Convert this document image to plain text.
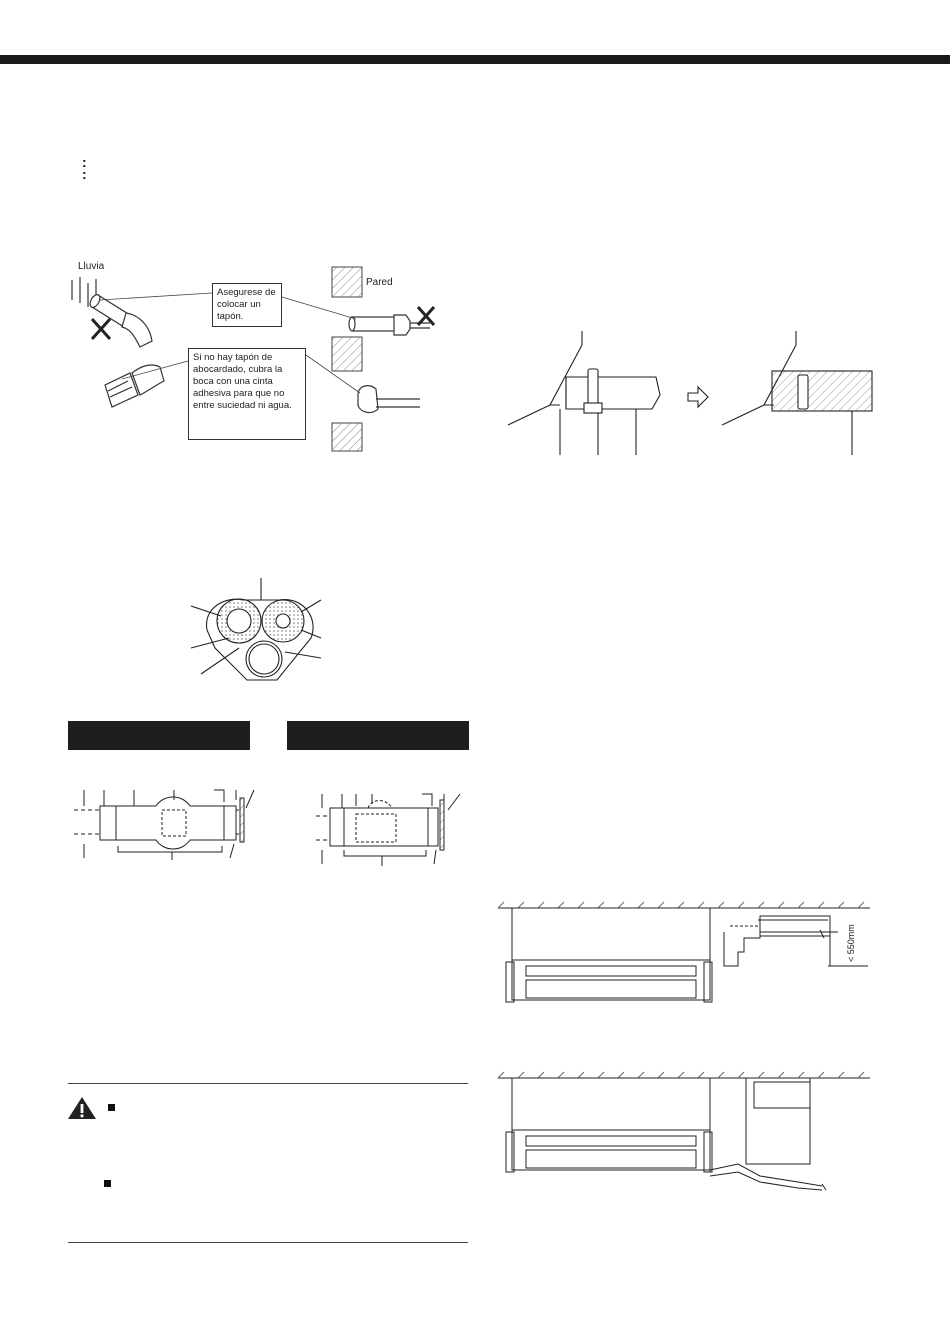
:
:
Lluvia
Pared
Asegurese de colocar un tapón.
Si no hay tapón de abocardado, cubra la boca con una cinta adhesiva para que no entre suciedad ni agua.
< 550mm
